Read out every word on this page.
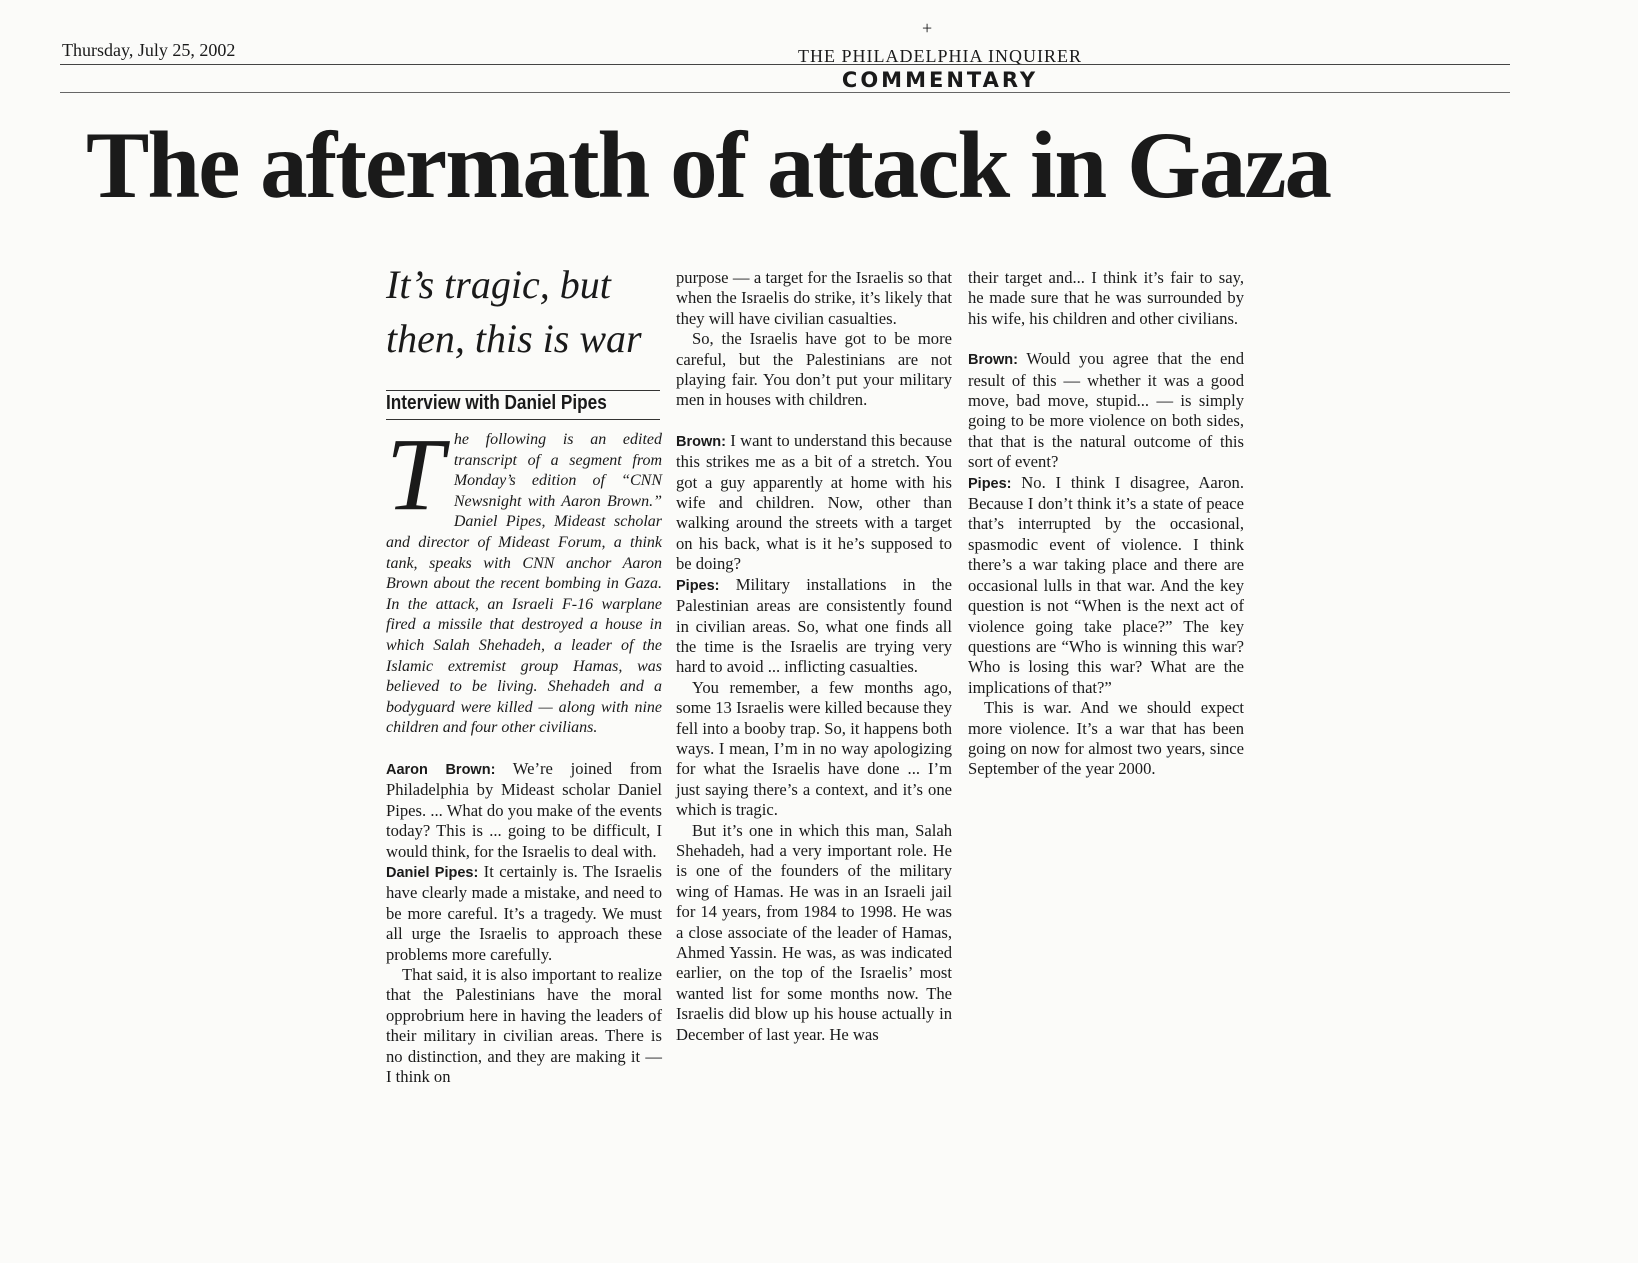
+
Thursday, July 25, 2002	THE PHILADELPHIA INQUIRER
COMMENTARY
The aftermath of attack in Gaza
It’s tragic, but
then, this is war
Interview with Daniel Pipes

The following is an edited transcript of a segment from Monday’s edition of “CNN Newsnight with Aaron Brown.” Daniel Pipes, Mideast scholar and director of Mideast Forum, a think tank, speaks with CNN anchor Aaron Brown about the recent bombing in Gaza. In the attack, an Israeli F-16 warplane fired a missile that destroyed a house in which Salah Shehadeh, a leader of the Islamic extremist group Hamas, was believed to be living. Shehadeh and a bodyguard were killed — along with nine children and four other civilians.

Aaron Brown: We’re joined from Philadelphia by Mideast scholar Daniel Pipes. ... What do you make of the events today? This is ... going to be difficult, I would think, for the Israelis to deal with.

Daniel Pipes: It certainly is. The Israelis have clearly made a mistake, and need to be more careful. It’s a tragedy. We must all urge the Israelis to approach these problems more carefully.

That said, it is also important to realize that the Palestinians have the moral opprobrium here in having the leaders of their military in civilian areas. There is no distinction, and they are making it — I think on

purpose — a target for the Israelis so that when the Israelis do strike, it’s likely that they will have civilian casualties.

So, the Israelis have got to be more careful, but the Palestinians are not playing fair. You don’t put your military men in houses with children.

Brown: I want to understand this because this strikes me as a bit of a stretch. You got a guy apparently at home with his wife and children. Now, other than walking around the streets with a target on his back, what is it he’s supposed to be doing?

Pipes: Military installations in the Palestinian areas are consistently found in civilian areas. So, what one finds all the time is the Israelis are trying very hard to avoid ... inflicting casualties.

You remember, a few months ago, some 13 Israelis were killed because they fell into a booby trap. So, it happens both ways. I mean, I’m in no way apologizing for what the Israelis have done ... I’m just saying there’s a context, and it’s one which is tragic.

But it’s one in which this man, Salah Shehadeh, had a very important role. He is one of the founders of the military wing of Hamas. He was in an Israeli jail for 14 years, from 1984 to 1998. He was a close associate of the leader of Hamas, Ahmed Yassin. He was, as was indicated earlier, on the top of the Israelis’ most wanted list for some months now. The Israelis did blow up his house actually in December of last year. He was

their target and... I think it’s fair to say, he made sure that he was surrounded by his wife, his children and other civilians.

Brown: Would you agree that the end result of this — whether it was a good move, bad move, stupid... — is simply going to be more violence on both sides, that that is the natural outcome of this sort of event?

Pipes: No. I think I disagree, Aaron. Because I don’t think it’s a state of peace that’s interrupted by the occasional, spasmodic event of violence. I think there’s a war taking place and there are occasional lulls in that war. And the key question is not “When is the next act of violence going take place?” The key questions are “Who is winning this war? Who is losing this war? What are the implications of that?”

This is war. And we should expect more violence. It’s a war that has been going on now for almost two years, since September of the year 2000.
